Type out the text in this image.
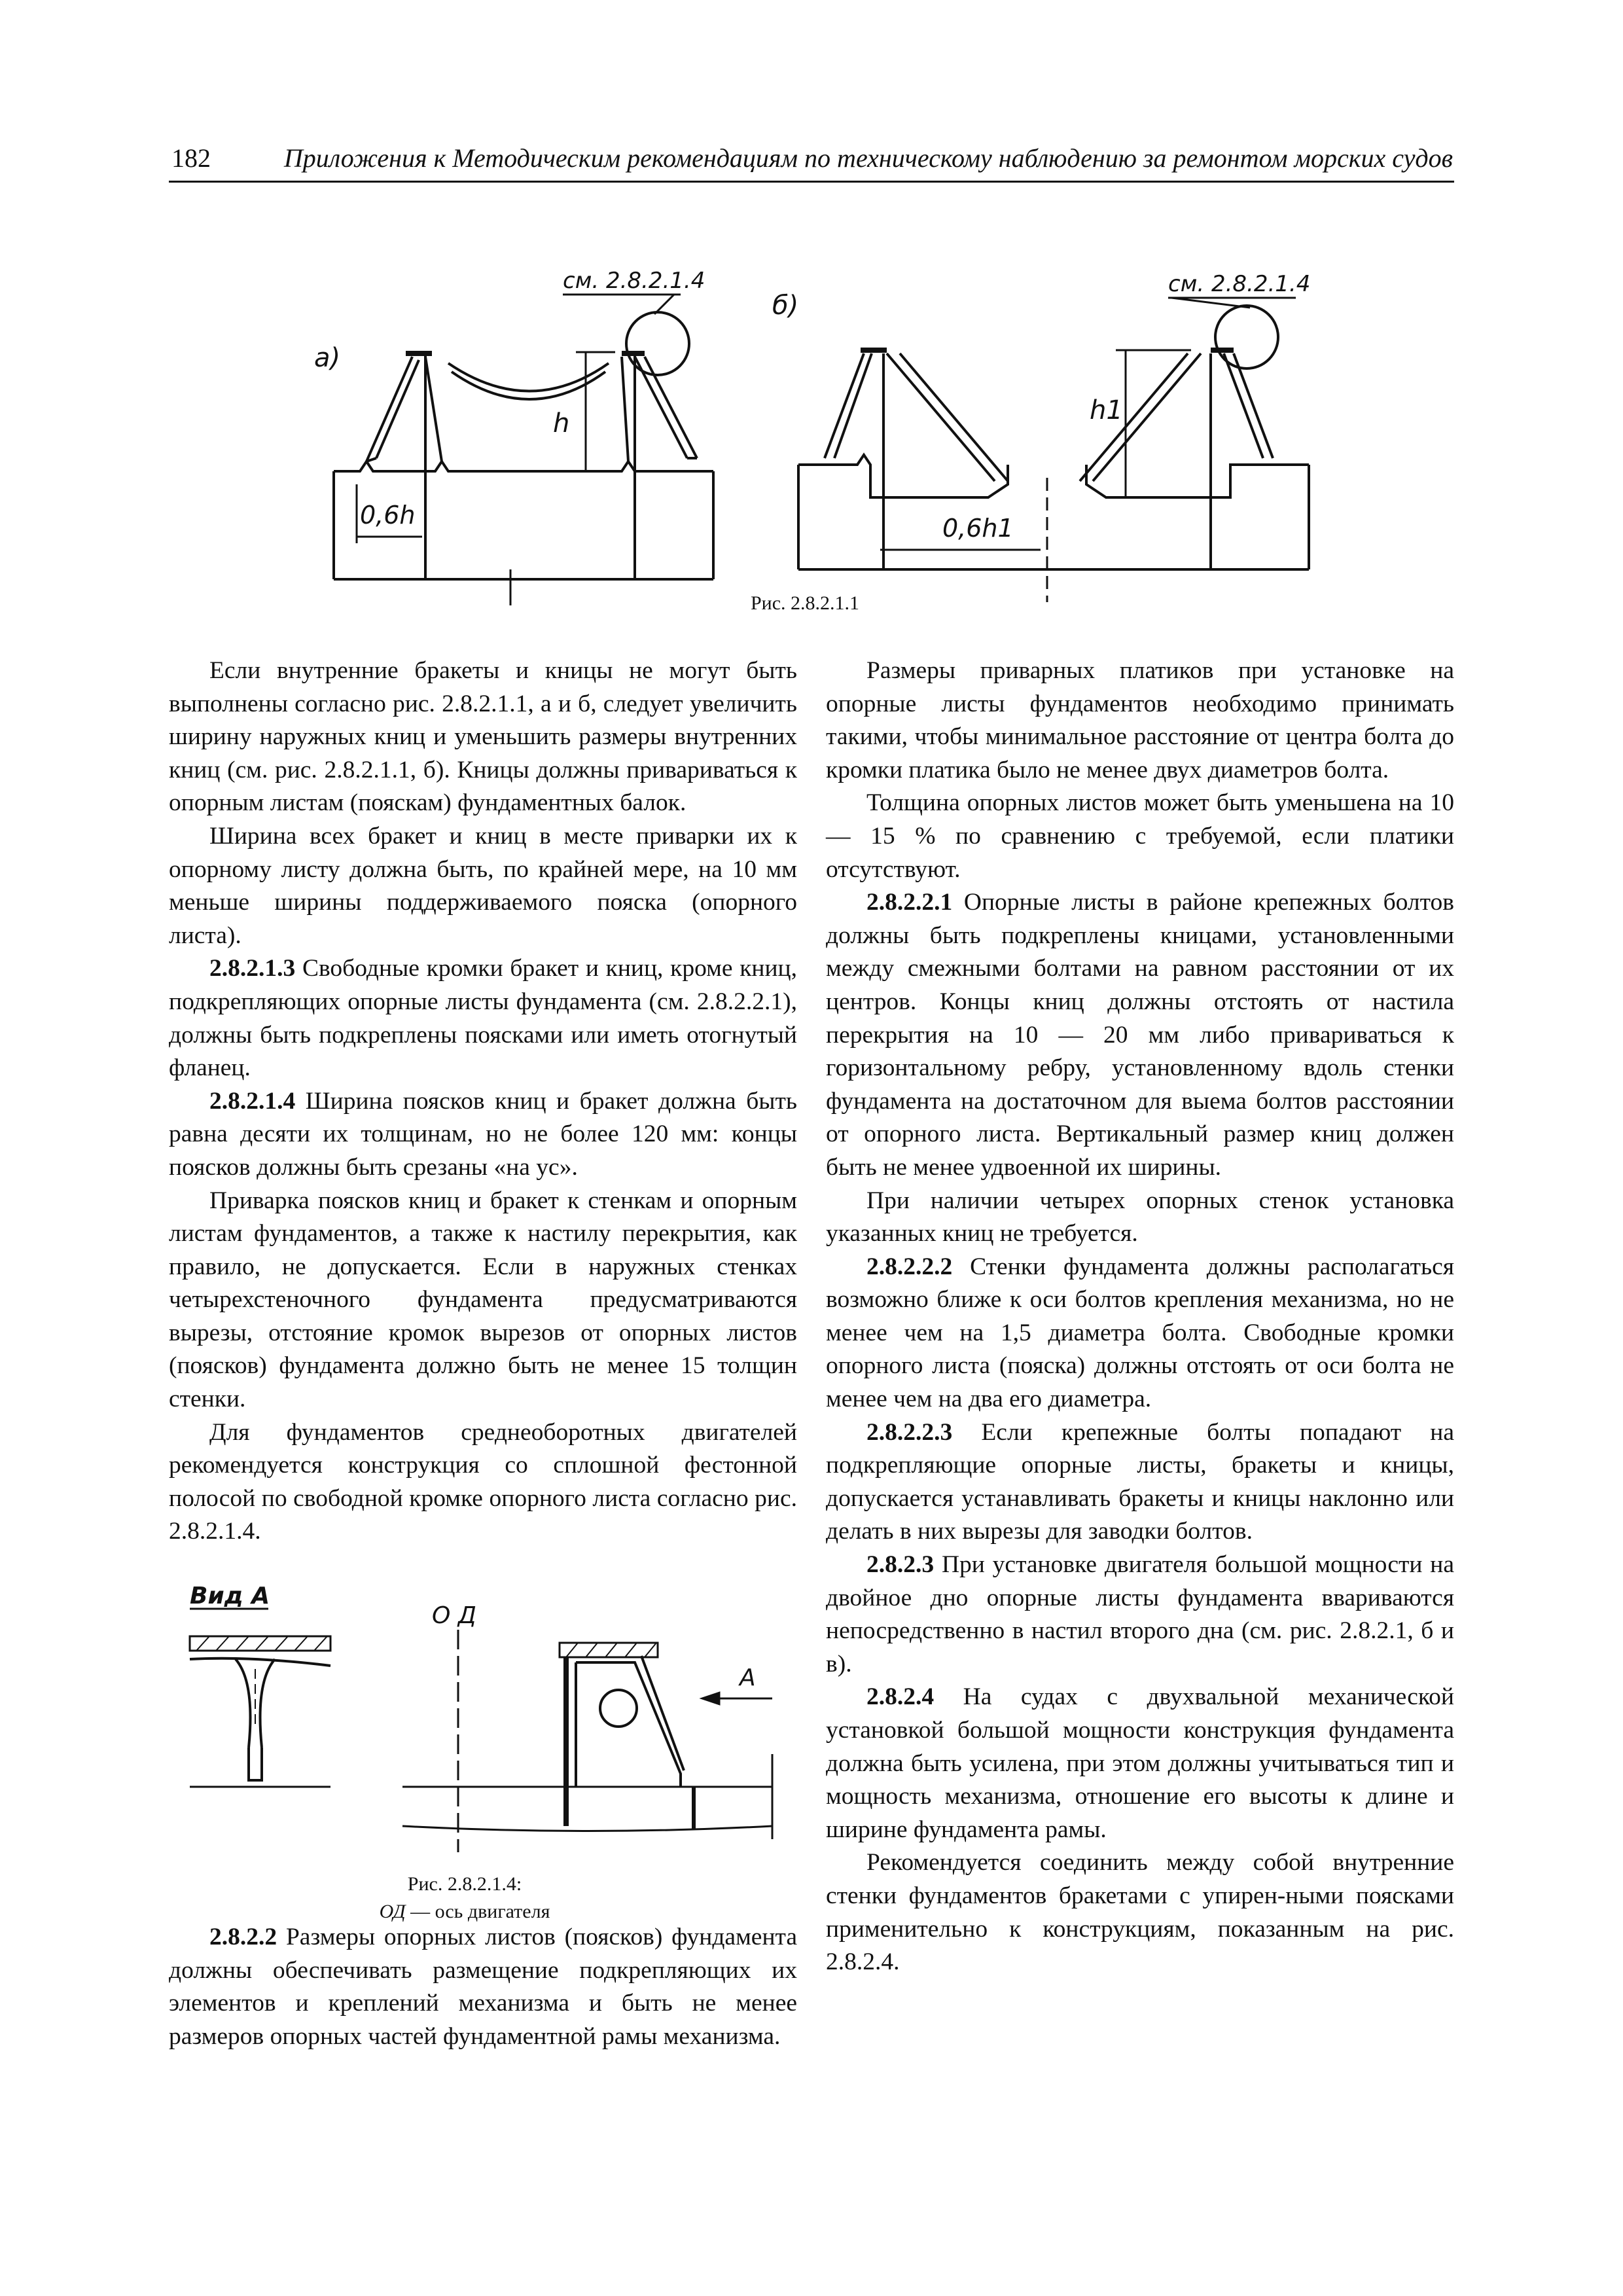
182	Приложения к Методическим рекомендациям по техническому наблюдению за ремонтом морских судов
а)
h
0,6h
см. 2.8.2.1.4
б)
h1
0,6h1
см. 2.8.2.1.4
Рис. 2.8.2.1.1
Вид А
О Д
А
Рис. 2.8.2.1.4:
ОД — ось двигателя

Если внутренние бракеты и кницы не могут быть выполнены согласно рис. 2.8.2.1.1, а и б, следует увеличить ширину наружных книц и уменьшить размеры внутренних книц (см. рис. 2.8.2.1.1, б). Кницы должны привариваться к опорным листам (пояскам) фундаментных балок.

Ширина всех бракет и книц в месте приварки их к опорному листу должна быть, по крайней мере, на 10 мм меньше ширины поддерживаемого пояска (опорного листа).

2.8.2.1.3 Свободные кромки бракет и книц, кроме книц, подкрепляющих опорные листы фундамента (см. 2.8.2.2.1), должны быть подкреплены поясками или иметь отогнутый фланец.

2.8.2.1.4 Ширина поясков книц и бракет должна быть равна десяти их толщинам, но не более 120 мм: концы поясков должны быть срезаны «на ус».

Приварка поясков книц и бракет к стенкам и опорным листам фундаментов, а также к настилу перекрытия, как правило, не допускается. Если в наружных стенках четырехстеночного фундамента предусматриваются вырезы, отстояние кромок вырезов от опорных листов (поясков) фундамента должно быть не менее 15 толщин стенки.

Для фундаментов среднеоборотных двигателей рекомендуется конструкция со сплошной фестонной полосой по свободной кромке опорного листа согласно рис. 2.8.2.1.4.

2.8.2.2 Размеры опорных листов (поясков) фундамента должны обеспечивать размещение подкрепляющих их элементов и креплений механизма и быть не менее размеров опорных частей фундаментной рамы механизма.

Размеры приварных платиков при установке на опорные листы фундаментов необходимо принимать такими, чтобы минимальное расстояние от центра болта до кромки платика было не менее двух диаметров болта.

Толщина опорных листов может быть уменьшена на 10 — 15 % по сравнению с требуемой, если платики отсутствуют.

2.8.2.2.1 Опорные листы в районе крепежных болтов должны быть подкреплены кницами, установленными между смежными болтами на равном расстоянии от их центров. Концы книц должны отстоять от настила перекрытия на 10 — 20 мм либо привариваться к горизонтальному ребру, установленному вдоль стенки фундамента на достаточном для выема болтов расстоянии от опорного листа. Вертикальный размер книц должен быть не менее удвоенной их ширины.

При наличии четырех опорных стенок установка указанных книц не требуется.

2.8.2.2.2 Стенки фундамента должны располагаться возможно ближе к оси болтов крепления механизма, но не менее чем на 1,5 диаметра болта. Свободные кромки опорного листа (пояска) должны отстоять от оси болта не менее чем на два его диаметра.

2.8.2.2.3 Если крепежные болты попадают на подкрепляющие опорные листы, бракеты и кницы, допускается устанавливать бракеты и кницы наклонно или делать в них вырезы для заводки болтов.

2.8.2.3 При установке двигателя большой мощности на двойное дно опорные листы фундамента ввариваются непосредственно в настил второго дна (см. рис. 2.8.2.1, б и в).

2.8.2.4 На судах с двухвальной механической установкой большой мощности конструкция фундамента должна быть усилена, при этом должны учитываться тип и мощность механизма, отношение его высоты к длине и ширине фундамента рамы.

Рекомендуется соединить между собой внутренние стенки фундаментов бракетами с упирен-ными поясками применительно к конструкциям, показанным на рис. 2.8.2.4.
